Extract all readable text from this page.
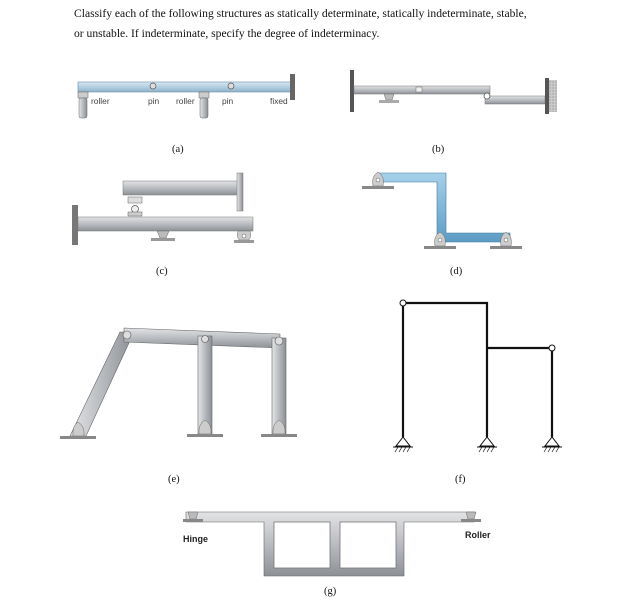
Classify each of the following structures as statically determinate, statically indeterminate, stable,
or unstable. If indeterminate, specify the degree of indeterminacy.
roller	pin roller	pin	fixed
(a)	(b)
(c)	(d)
(e)	(f)
(g)
Hinge	Roller
